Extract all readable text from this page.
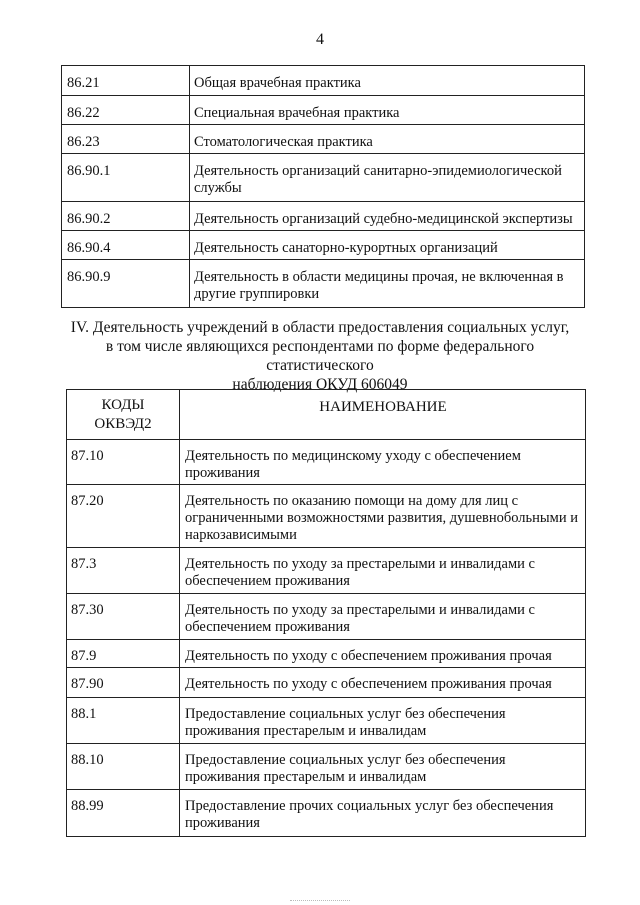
4
86.21	Общая врачебная практика
86.22	Специальная врачебная практика
86.23	Стоматологическая практика
86.90.1	Деятельность организаций санитарно-эпидемиологической службы
86.90.2	Деятельность организаций судебно-медицинской экспертизы
86.90.4	Деятельность санаторно-курортных организаций
86.90.9	Деятельность в области медицины прочая, не включенная в другие группировки
IV. Деятельность учреждений в области предоставления социальных услуг,
в том числе являющихся респондентами по форме федерального статистического
наблюдения ОКУД 606049
КОДЫ
ОКВЭД2	НАИМЕНОВАНИЕ
87.10	Деятельность по медицинскому уходу с обеспечением проживания
87.20	Деятельность по оказанию помощи на дому для лиц с ограниченными возможностями развития, душевнобольными и наркозависимыми
87.3	Деятельность по уходу за престарелыми и инвалидами с обеспечением проживания
87.30	Деятельность по уходу за престарелыми и инвалидами с обеспечением проживания
87.9	Деятельность по уходу с обеспечением проживания прочая
87.90	Деятельность по уходу с обеспечением проживания прочая
88.1	Предоставление социальных услуг без обеспечения проживания престарелым и инвалидам
88.10	Предоставление социальных услуг без обеспечения проживания престарелым и инвалидам
88.99	Предоставление прочих социальных услуг без обеспечения проживания
